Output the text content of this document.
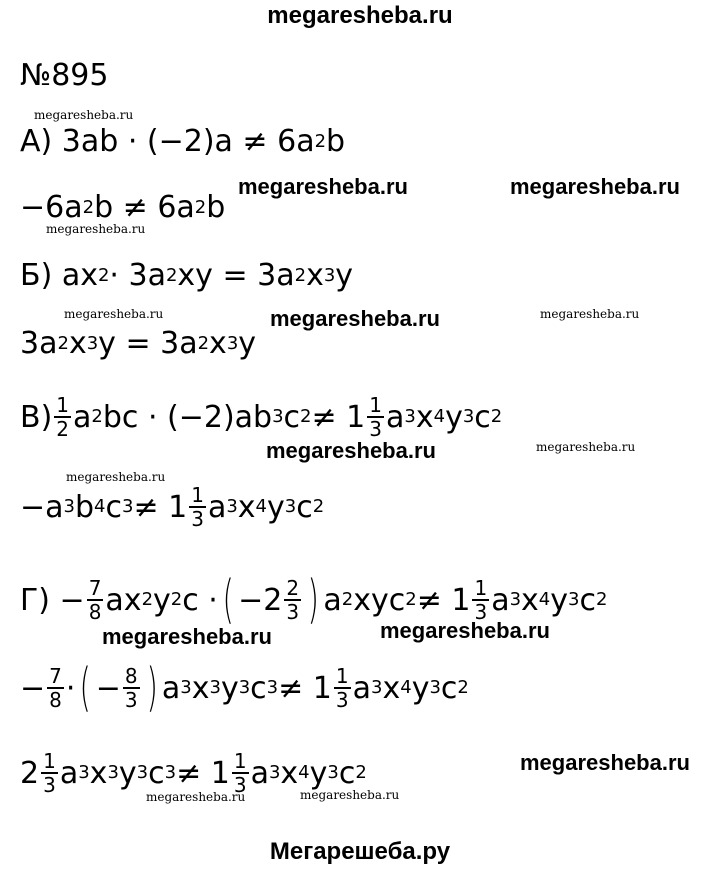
megaresheba.ru
№895
megaresheba.ru
megaresheba.ru	megaresheba.ru
megaresheba.ru
megaresheba.ru	megaresheba.ru	megaresheba.ru
megaresheba.ru	megaresheba.ru
megaresheba.ru
megaresheba.ru	megaresheba.ru
megaresheba.ru
megaresheba.ru	megaresheba.ru
А) 3ab · (−2)a ≠ 6a 2 b
−6a 2 b ≠ 6a 2 b
Б) ax 2 · 3a 2 xy = 3a 2 x 3 y
3a 2 x 3 y = 3a 2 x 3 y
$В) \frac{1}{2}$ a 2 bc · (−2)ab 3 c $2 \ne 1 \frac{1}{3}$ a 3 x 4 y 3 c 2
−a 3 b 4 c $3 \ne 1 \frac{1}{3}$ a 3 x 4 y 3 c 2
$Г) - \frac{7}{8}$ ax 2 y 2 c · ( $-2 \frac{2}{3}$ ) a 2 xyc $2 \ne 1 \frac{1}{3}$ a 3 x 4 y 3 c 2
− $\frac{7}{8}$ · ( − $\frac{8}{3}$ ) a 3 x 3 y 3 c $3 \ne 1 \frac{1}{3}$ a 3 x 4 y 3 c 2
$2 \frac{1}{3}$ a 3 x 3 y 3 c $3 \ne 1 \frac{1}{3}$ a 3 x 4 y 3 c 2
Мегарешеба.ру
